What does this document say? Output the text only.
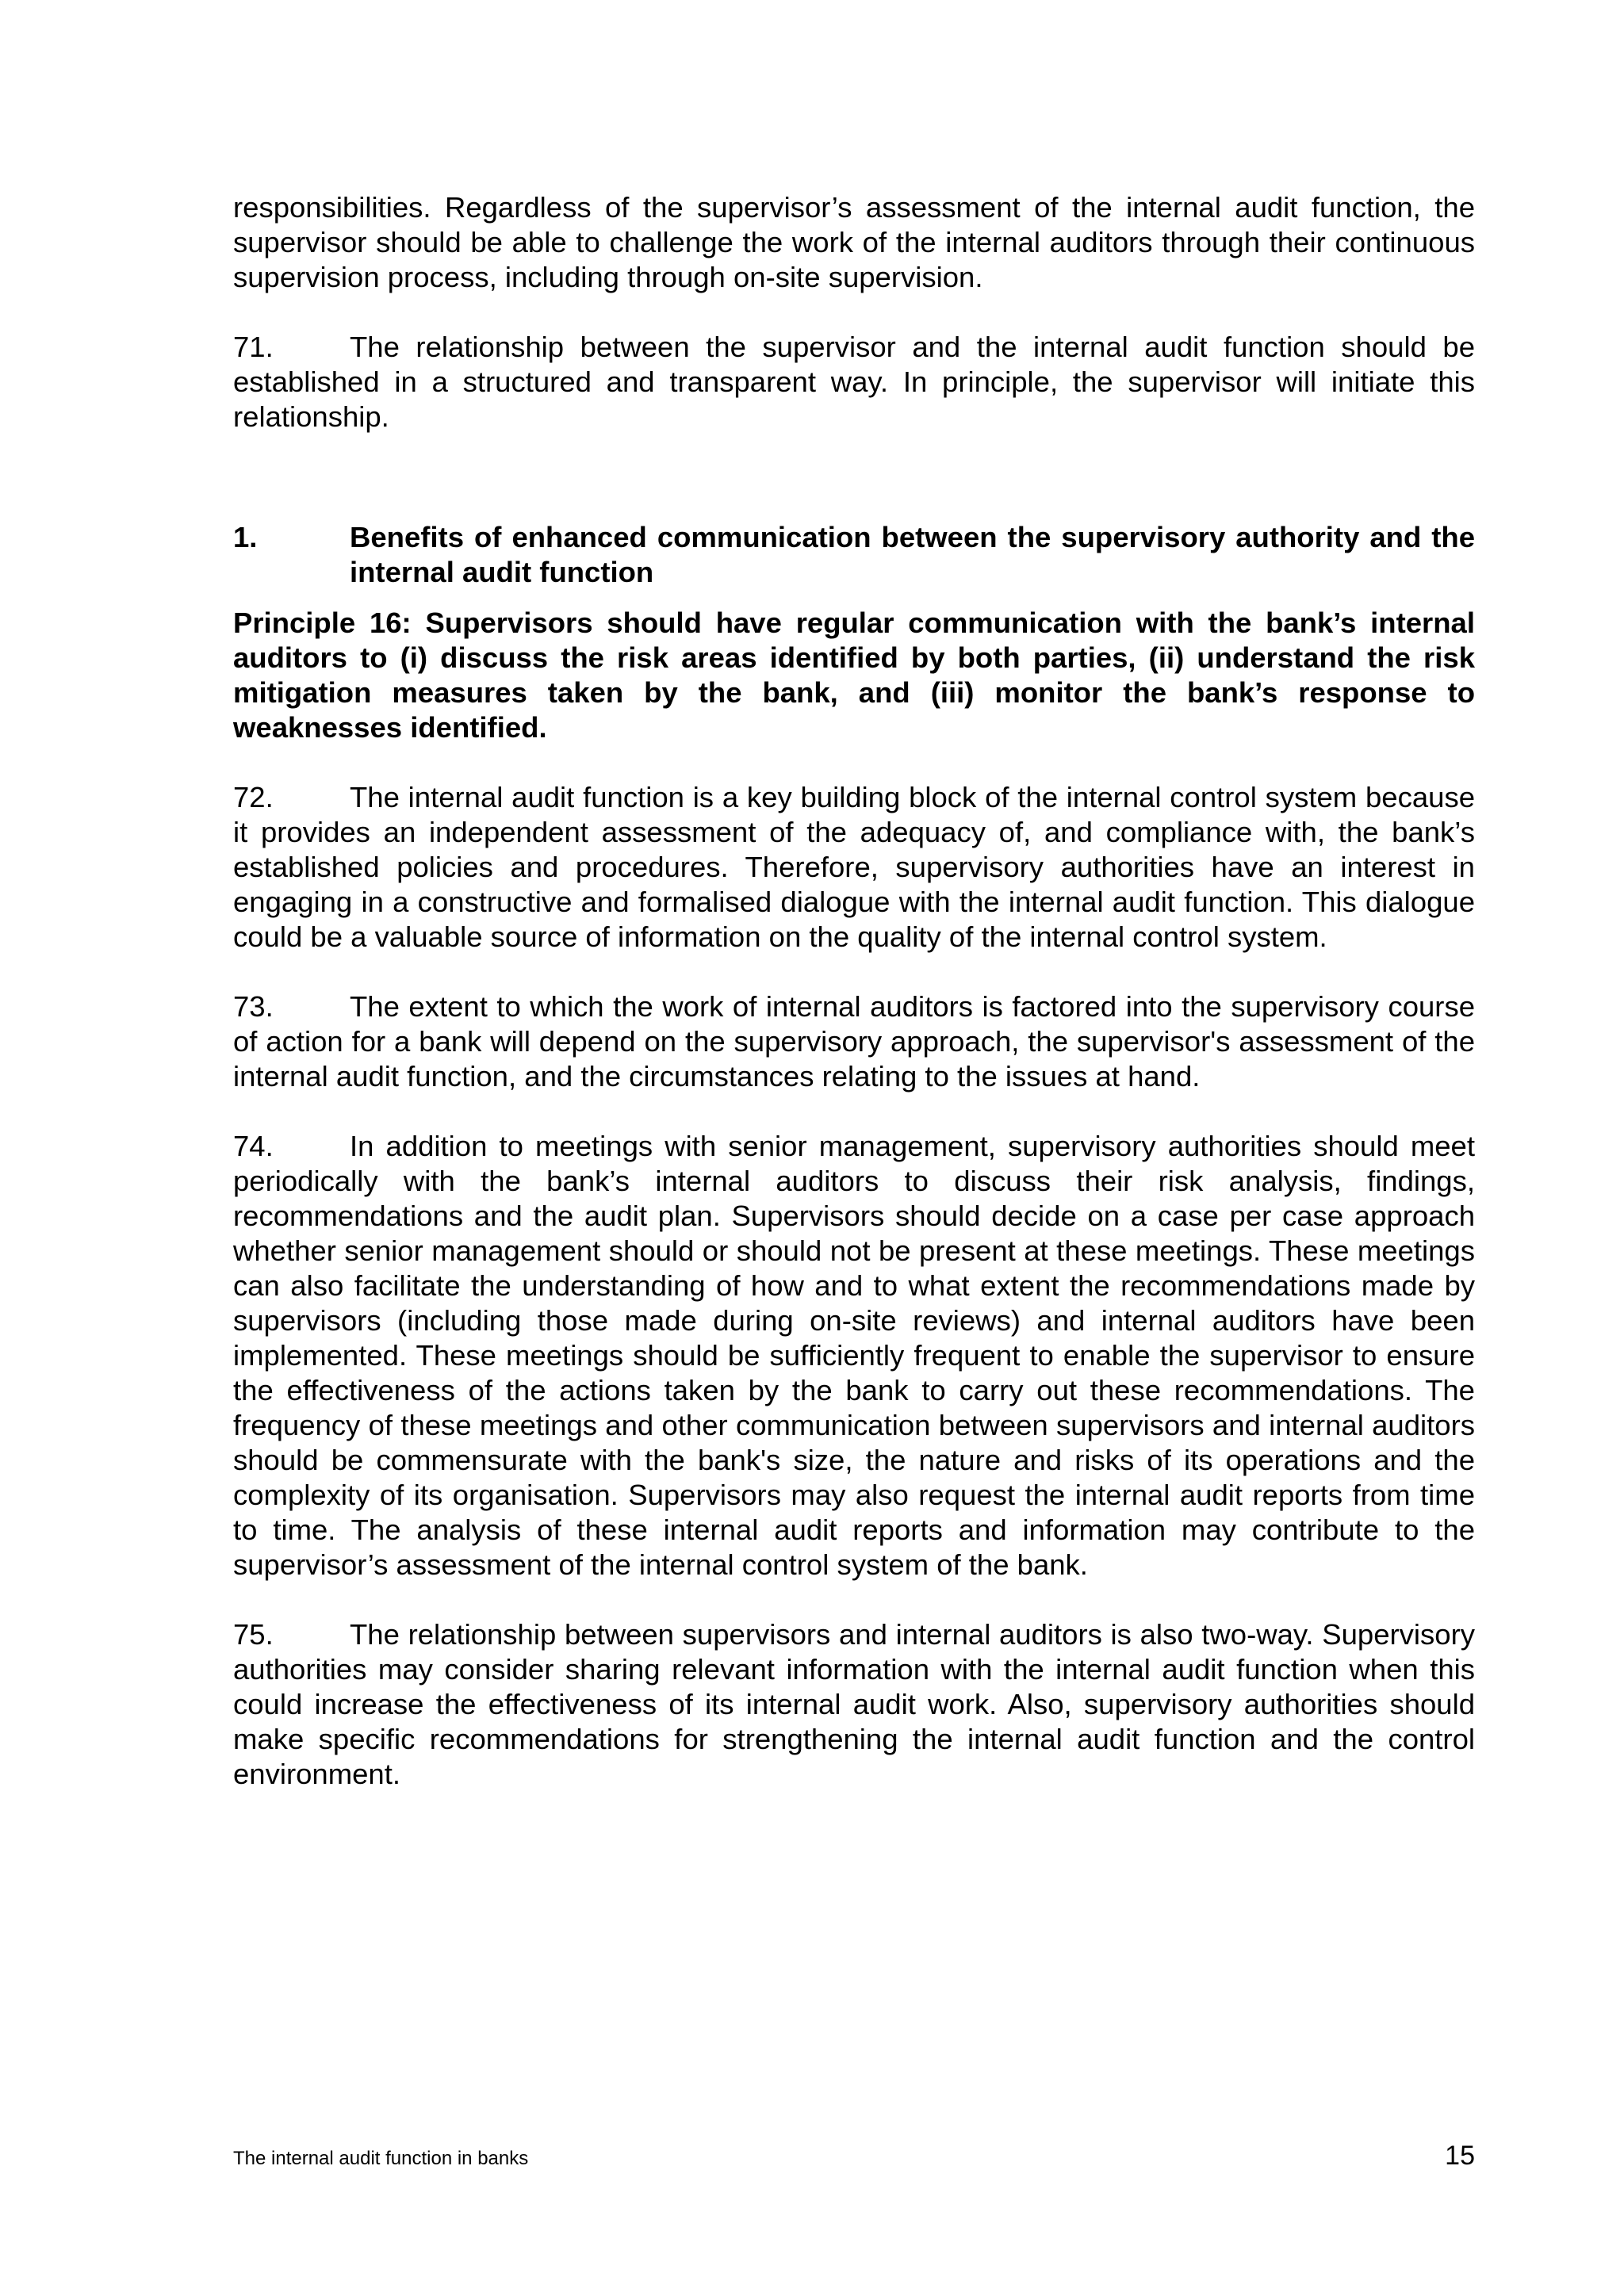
responsibilities. Regardless of the supervisor’s assessment of the internal audit function, the supervisor should be able to challenge the work of the internal auditors through their continuous supervision process, including through on-site supervision.

71.	The relationship between the supervisor and the internal audit function should be established in a structured and transparent way. In principle, the supervisor will initiate this relationship.

1.	Benefits of enhanced communication between the supervisory authority and the internal audit function

Principle 16: Supervisors should have regular communication with the bank’s internal auditors to (i) discuss the risk areas identified by both parties, (ii) understand the risk mitigation measures taken by the bank, and (iii) monitor the bank’s response to weaknesses identified.

72.	The internal audit function is a key building block of the internal control system because it provides an independent assessment of the adequacy of, and compliance with, the bank’s established policies and procedures. Therefore, supervisory authorities have an interest in engaging in a constructive and formalised dialogue with the internal audit function. This dialogue could be a valuable source of information on the quality of the internal control system.

73.	The extent to which the work of internal auditors is factored into the supervisory course of action for a bank will depend on the supervisory approach, the supervisor's assessment of the internal audit function, and the circumstances relating to the issues at hand.

74.	In addition to meetings with senior management, supervisory authorities should meet periodically with the bank’s internal auditors to discuss their risk analysis, findings, recommendations and the audit plan. Supervisors should decide on a case per case approach whether senior management should or should not be present at these meetings. These meetings can also facilitate the understanding of how and to what extent the recommendations made by supervisors (including those made during on-site reviews) and internal auditors have been implemented. These meetings should be sufficiently frequent to enable the supervisor to ensure the effectiveness of the actions taken by the bank to carry out these recommendations. The frequency of these meetings and other communication between supervisors and internal auditors should be commensurate with the bank's size, the nature and risks of its operations and the complexity of its organisation. Supervisors may also request the internal audit reports from time to time. The analysis of these internal audit reports and information may contribute to the supervisor’s assessment of the internal control system of the bank.

75.	The relationship between supervisors and internal auditors is also two-way. Supervisory authorities may consider sharing relevant information with the internal audit function when this could increase the effectiveness of its internal audit work. Also, supervisory authorities should make specific recommendations for strengthening the internal audit function and the control environment.

The internal audit function in banks	15
